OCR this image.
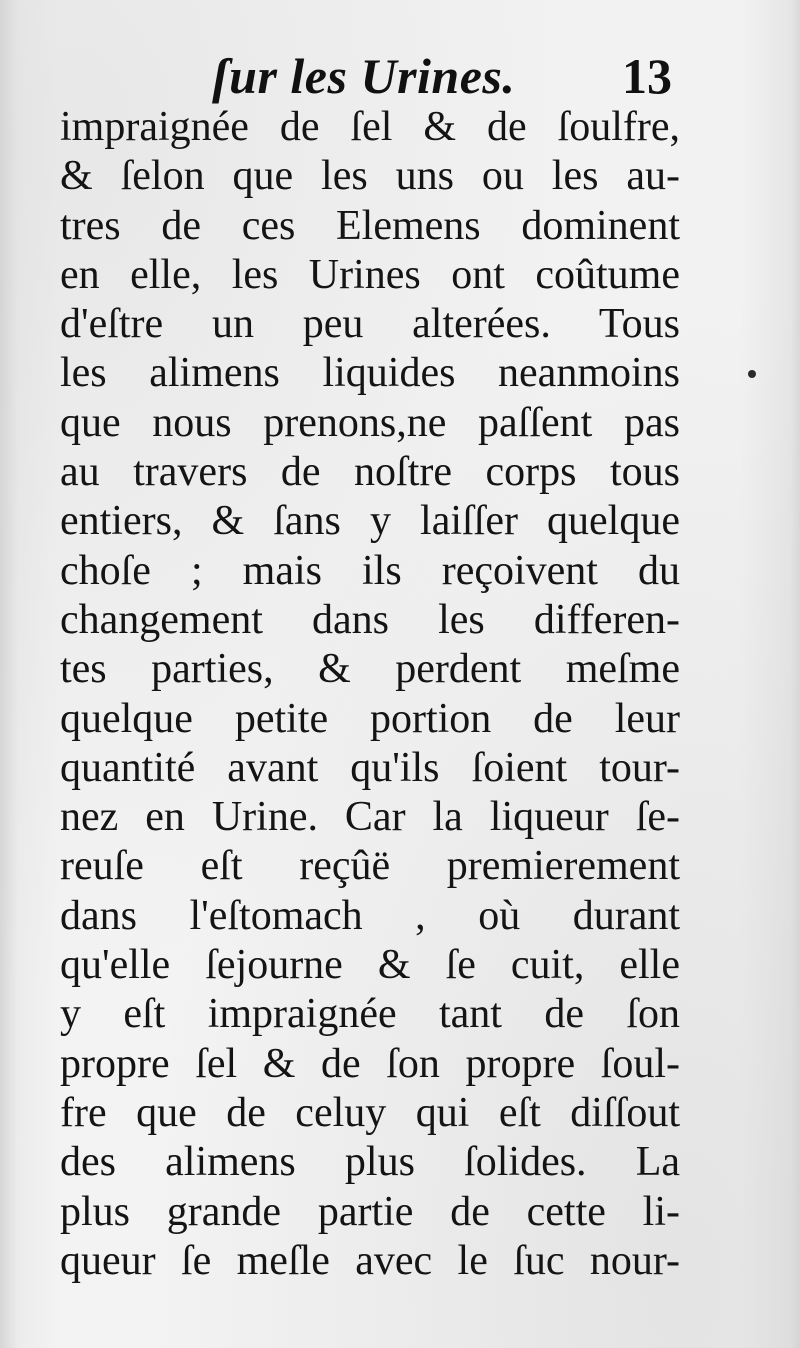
ſur les Urines. 13
impraignée de ſel & de ſoulfre,
& ſelon que les uns ou les au-
tres de ces Elemens dominent
en elle, les Urines ont coûtume
d'eſtre un peu alterées. Tous
les alimens liquides neanmoins
que nous prenons,ne paſſent pas
au travers de noſtre corps tous
entiers, & ſans y laiſſer quelque
choſe ; mais ils reçoivent du
changement dans les differen-
tes parties, & perdent meſme
quelque petite portion de leur
quantité avant qu'ils ſoient tour-
nez en Urine. Car la liqueur ſe-
reuſe eſt reçûë premierement
dans l'eſtomach , où durant
qu'elle ſejourne & ſe cuit, elle
y eſt impraignée tant de ſon
propre ſel & de ſon propre ſoul-
fre que de celuy qui eſt diſſout
des alimens plus ſolides. La
plus grande partie de cette li-
queur ſe meſle avec le ſuc nour-
